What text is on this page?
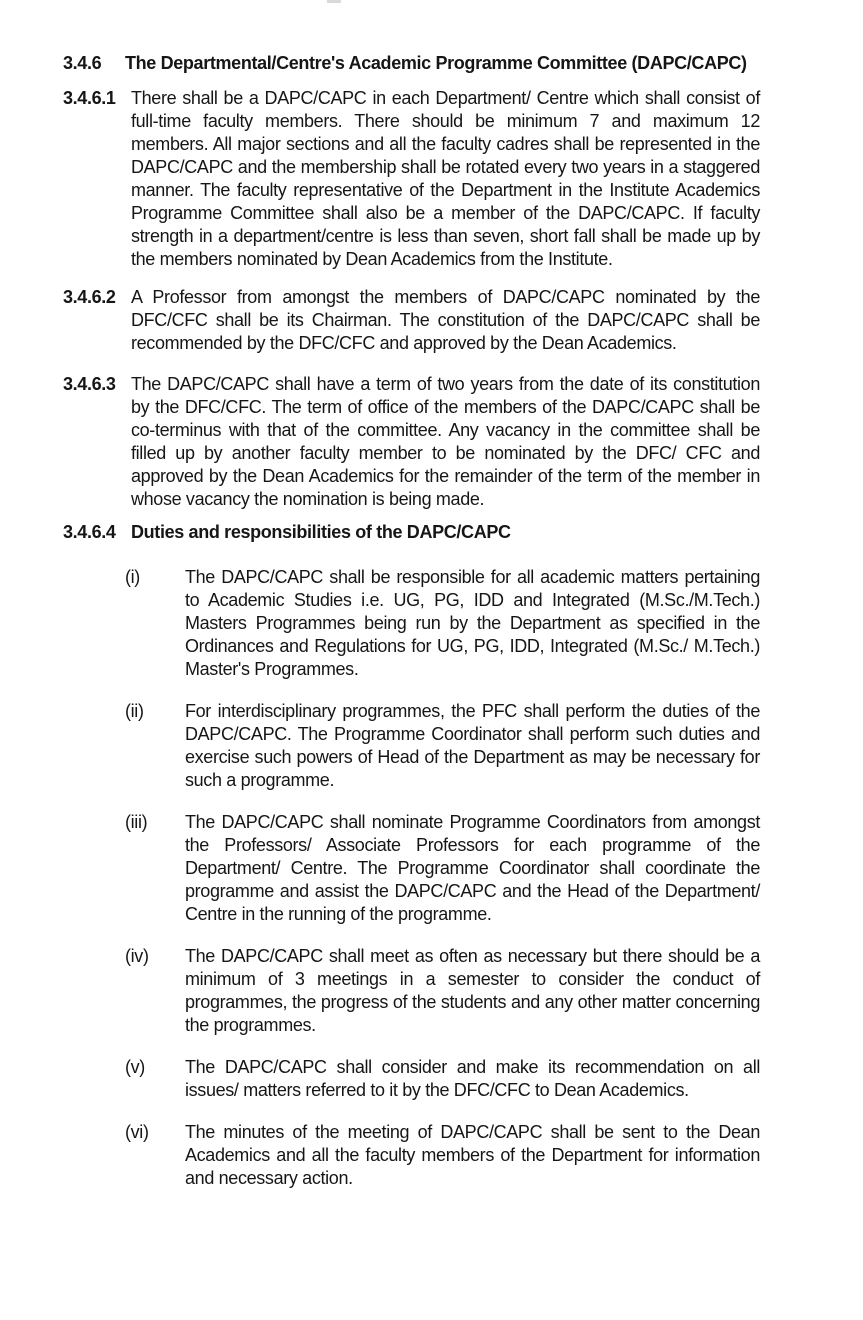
3.4.6	The Departmental/Centre's Academic Programme Committee (DAPC/CAPC)
3.4.6.1 There shall be a DAPC/CAPC in each Department/ Centre which shall consist of full-time faculty members. There should be minimum 7 and maximum 12 members. All major sections and all the faculty cadres shall be represented in the DAPC/CAPC and the membership shall be rotated every two years in a staggered manner. The faculty representative of the Department in the Institute Academics Programme Committee shall also be a member of the DAPC/CAPC. If faculty strength in a department/centre is less than seven, short fall shall be made up by the members nominated by Dean Academics from the Institute.
3.4.6.2 A Professor from amongst the members of DAPC/CAPC nominated by the DFC/CFC shall be its Chairman. The constitution of the DAPC/CAPC shall be recommended by the DFC/CFC and approved by the Dean Academics.
3.4.6.3 The DAPC/CAPC shall have a term of two years from the date of its constitution by the DFC/CFC. The term of office of the members of the DAPC/CAPC shall be co-terminus with that of the committee. Any vacancy in the committee shall be filled up by another faculty member to be nominated by the DFC/ CFC and approved by the Dean Academics for the remainder of the term of the member in whose vacancy the nomination is being made.
3.4.6.4 Duties and responsibilities of the DAPC/CAPC
(i)	The DAPC/CAPC shall be responsible for all academic matters pertaining to Academic Studies i.e. UG, PG, IDD and Integrated (M.Sc./M.Tech.) Masters Programmes being run by the Department as specified in the Ordinances and Regulations for UG, PG, IDD, Integrated (M.Sc./ M.Tech.) Master's Programmes.
(ii)	For interdisciplinary programmes, the PFC shall perform the duties of the DAPC/CAPC. The Programme Coordinator shall perform such duties and exercise such powers of Head of the Department as may be necessary for such a programme.
(iii)	The DAPC/CAPC shall nominate Programme Coordinators from amongst the Professors/ Associate Professors for each programme of the Department/ Centre. The Programme Coordinator shall coordinate the programme and assist the DAPC/CAPC and the Head of the Department/ Centre in the running of the programme.
(iv)	The DAPC/CAPC shall meet as often as necessary but there should be a minimum of 3 meetings in a semester to consider the conduct of programmes, the progress of the students and any other matter concerning the programmes.
(v)	The DAPC/CAPC shall consider and make its recommendation on all issues/ matters referred to it by the DFC/CFC to Dean Academics.
(vi)	The minutes of the meeting of DAPC/CAPC shall be sent to the Dean Academics and all the faculty members of the Department for information and necessary action.
